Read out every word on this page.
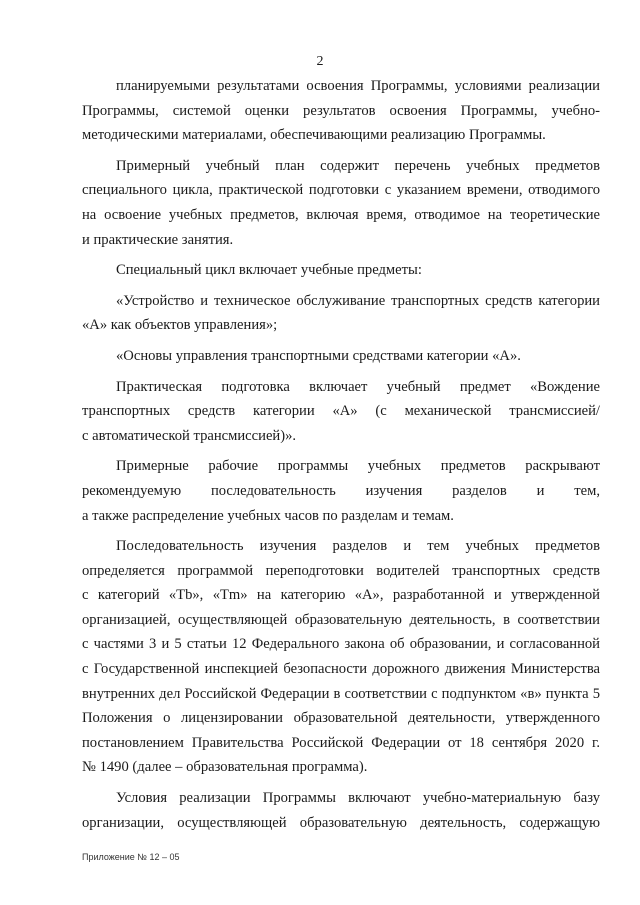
2
планируемыми результатами освоения Программы, условиями реализации
Программы, системой оценки результатов освоения Программы, учебно-
методическими материалами, обеспечивающими реализацию Программы.
Примерный учебный план содержит перечень учебных предметов
специального цикла, практической подготовки с указанием времени, отводимого
на освоение учебных предметов, включая время, отводимое на теоретические
и практические занятия.
Специальный цикл включает учебные предметы:
«Устройство и техническое обслуживание транспортных средств категории
«А» как объектов управления»;
«Основы управления транспортными средствами категории «А».
Практическая подготовка включает учебный предмет «Вождение
транспортных средств категории «А» (с механической трансмиссией/
с автоматической трансмиссией)».
Примерные рабочие программы учебных предметов раскрывают
рекомендуемую последовательность изучения разделов и тем,
а также распределение учебных часов по разделам и темам.
Последовательность изучения разделов и тем учебных предметов
определяется программой переподготовки водителей транспортных средств
с категорий «Tb», «Tm» на категорию «А», разработанной и утвержденной
организацией, осуществляющей образовательную деятельность, в соответствии
с частями 3 и 5 статьи 12 Федерального закона об образовании, и согласованной
с Государственной инспекцией безопасности дорожного движения Министерства
внутренних дел Российской Федерации в соответствии с подпунктом «в» пункта 5
Положения о лицензировании образовательной деятельности, утвержденного
постановлением Правительства Российской Федерации от 18 сентября 2020 г.
№ 1490 (далее – образовательная программа).
Условия реализации Программы включают учебно-материальную базу
организации, осуществляющей образовательную деятельность, содержащую
Приложение № 12 – 05
